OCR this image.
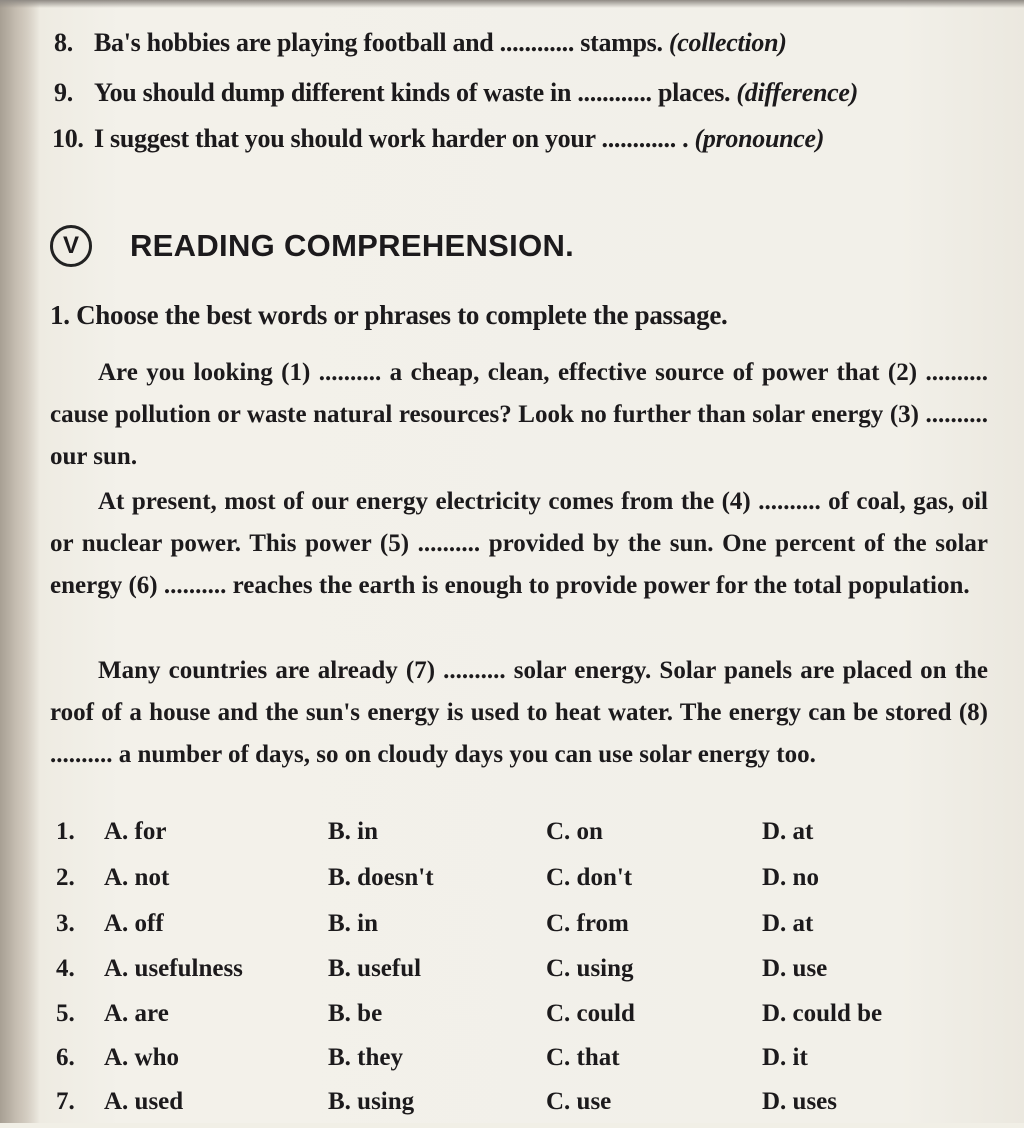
8. Ba's hobbies are playing football and ............ stamps. (collection)
9. You should dump different kinds of waste in ............ places. (difference)
10. I suggest that you should work harder on your ............ . (pronounce)
V	READING COMPREHENSION.
1. Choose the best words or phrases to complete the passage.
Are you looking (1) .......... a cheap, clean, effective source of power that (2) .......... cause pollution or waste natural resources? Look no further than solar energy (3) .......... our sun.
At present, most of our energy electricity comes from the (4) .......... of coal, gas, oil or nuclear power. This power (5) .......... provided by the sun. One percent of the solar energy (6) .......... reaches the earth is enough to provide power for the total population.
Many countries are already (7) .......... solar energy. Solar panels are placed on the roof of a house and the sun's energy is used to heat water. The energy can be stored (8) .......... a number of days, so on cloudy days you can use solar energy too.
1. A. for	B. in	C. on	D. at
2. A. not	B. doesn't	C. don't	D. no
3. A. off	B. in	C. from	D. at
4. A. usefulness	B. useful	C. using	D. use
5. A. are	B. be	C. could	D. could be
6. A. who	B. they	C. that	D. it
7. A. used	B. using	C. use	D. uses
